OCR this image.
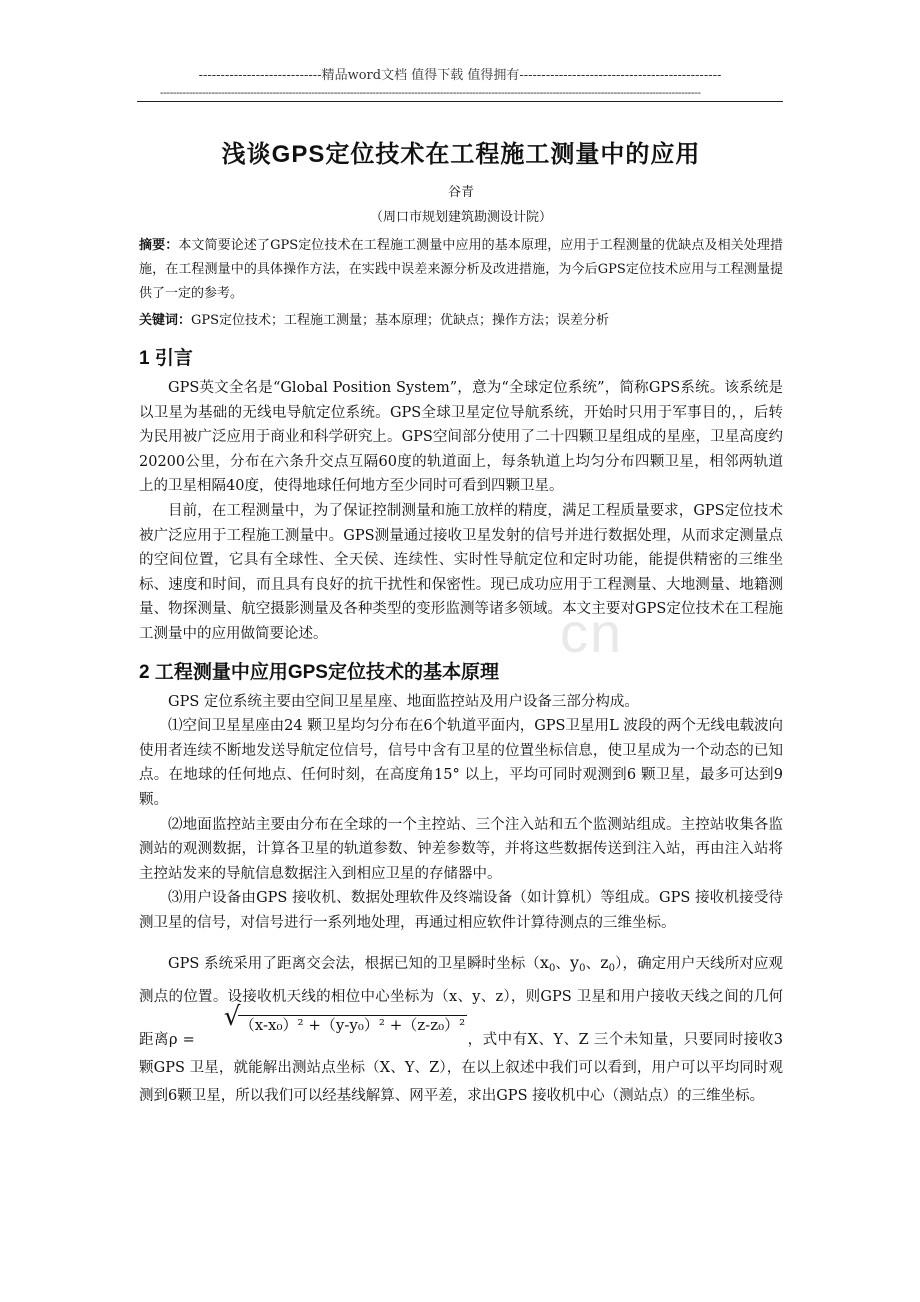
----------------------------精品word文档 值得下载 值得拥有----------------------------------------------
------------------------------------------------------------------------------------------------------------------------------------------------------------------------
cn
浅谈GPS定位技术在工程施工测量中的应用
谷青
（周口市规划建筑勘测设计院）

摘要：本文简要论述了GPS定位技术在工程施工测量中应用的基本原理，应用于工程测量的优缺点及相关处理措施，在工程测量中的具体操作方法，在实践中误差来源分析及改进措施，为今后GPS定位技术应用与工程测量提供了一定的参考。

关键词：GPS定位技术；工程施工测量；基本原理；优缺点；操作方法；误差分析

1 引言

GPS英文全名是“Global Position System”，意为“全球定位系统”，简称GPS系统。该系统是以卫星为基础的无线电导航定位系统。GPS全球卫星定位导航系统，开始时只用于军事目的，，后转为民用被广泛应用于商业和科学研究上。GPS空间部分使用了二十四颗卫星组成的星座，卫星高度约20200公里，分布在六条升交点互隔60度的轨道面上，每条轨道上均匀分布四颗卫星，相邻两轨道上的卫星相隔40度，使得地球任何地方至少同时可看到四颗卫星。

目前，在工程测量中，为了保证控制测量和施工放样的精度，满足工程质量要求，GPS定位技术被广泛应用于工程施工测量中。GPS测量通过接收卫星发射的信号并进行数据处理，从而求定测量点的空间位置，它具有全球性、全天侯、连续性、实时性导航定位和定时功能，能提供精密的三维坐标、速度和时间，而且具有良好的抗干扰性和保密性。现已成功应用于工程测量、大地测量、地籍测量、物探测量、航空摄影测量及各种类型的变形监测等诸多领域。本文主要对GPS定位技术在工程施工测量中的应用做简要论述。

2 工程测量中应用GPS定位技术的基本原理

GPS 定位系统主要由空间卫星星座、地面监控站及用户设备三部分构成。

⑴空间卫星星座由24 颗卫星均匀分布在6个轨道平面内，GPS卫星用L 波段的两个无线电载波向使用者连续不断地发送导航定位信号，信号中含有卫星的位置坐标信息，使卫星成为一个动态的已知点。在地球的任何地点、任何时刻，在高度角15° 以上，平均可同时观测到6 颗卫星，最多可达到9 颗。

⑵地面监控站主要由分布在全球的一个主控站、三个注入站和五个监测站组成。主控站收集各监测站的观测数据，计算各卫星的轨道参数、钟差参数等，并将这些数据传送到注入站，再由注入站将主控站发来的导航信息数据注入到相应卫星的存储器中。

⑶用户设备由GPS 接收机、数据处理软件及终端设备（如计算机）等组成。GPS 接收机接受待测卫星的信号，对信号进行一系列地处理，再通过相应软件计算待测点的三维坐标。

GPS 系统采用了距离交会法，根据已知的卫星瞬时坐标（$x_0$、$y_0$、$z_0$），确定用户天线所对应观测点的位置。设接收机天线的相位中心坐标为（x、y、z），则GPS 卫星和用户接收天线之间的几何距离ρ =
√ （x-x₀）² +（y-y₀）² +（z-z₀）²，式中有X、Y、Z 三个未知量，只要同时接收3 颗GPS 卫星，就能解出测站点坐标（X、Y、Z），在以上叙述中我们可以看到，用户可以平均同时观测到6颗卫星，所以我们可以经基线解算、网平差，求出GPS 接收机中心（测站点）的三维坐标。
